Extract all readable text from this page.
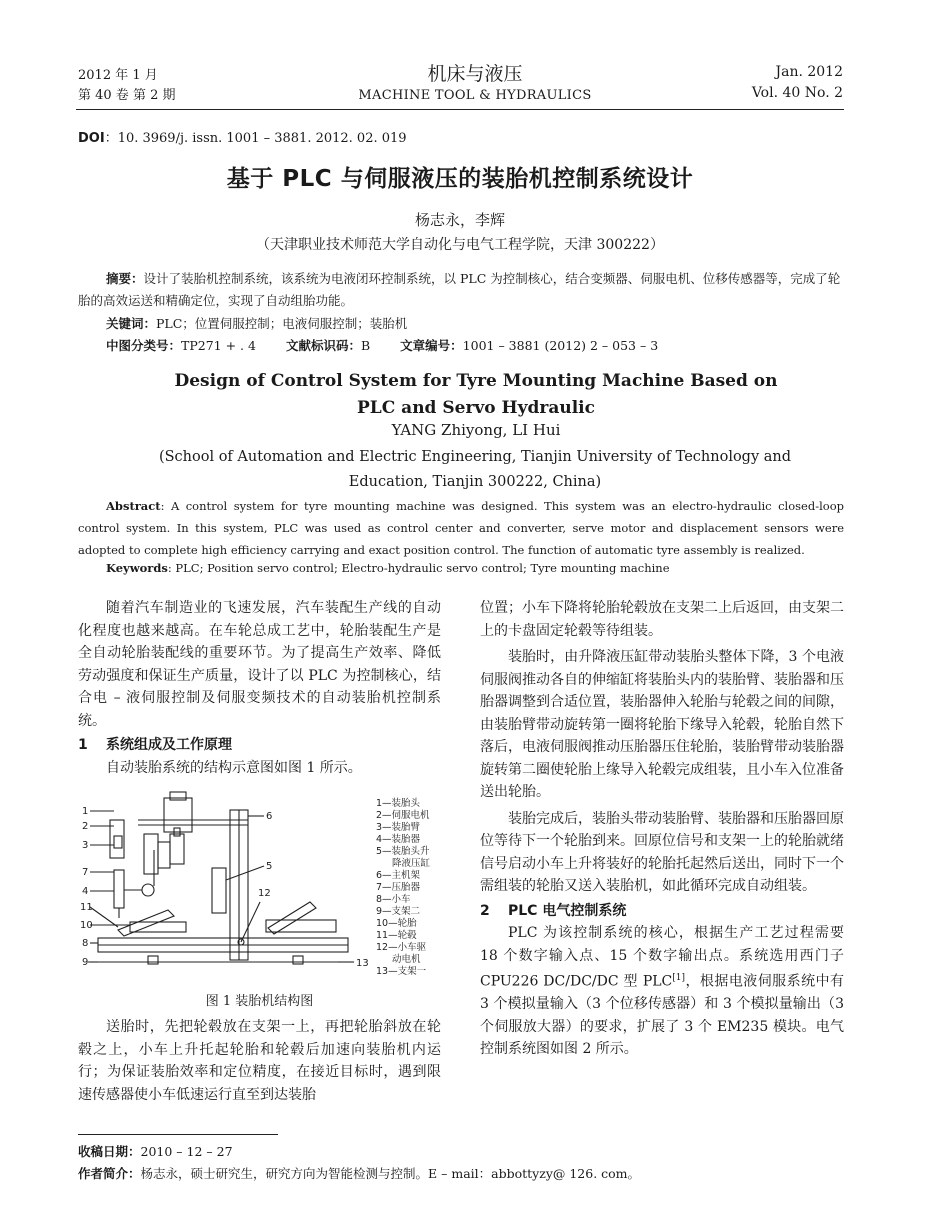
2012 年 1 月
第 40 卷 第 2 期
机床与液压
MACHINE TOOL & HYDRAULICS
Jan. 2012
Vol. 40 No. 2
DOI：10. 3969/j. issn. 1001 – 3881. 2012. 02. 019
基于 PLC 与伺服液压的装胎机控制系统设计
杨志永，李辉
（天津职业技术师范大学自动化与电气工程学院，天津 300222）
摘要：设计了装胎机控制系统，该系统为电液闭环控制系统，以 PLC 为控制核心，结合变频器、伺服电机、位移传感器等，完成了轮胎的高效运送和精确定位，实现了自动组胎功能。
关键词：PLC；位置伺服控制；电液伺服控制；装胎机
中图分类号：TP271 + . 4 文献标识码：B 文章编号：1001 – 3881 (2012) 2 – 053 – 3
Design of Control System for Tyre Mounting Machine Based on
PLC and Servo Hydraulic
YANG Zhiyong, LI Hui
(School of Automation and Electric Engineering, Tianjin University of Technology and Education, Tianjin 300222, China)
Abstract: A control system for tyre mounting machine was designed. This system was an electro-hydraulic closed-loop control system. In this system, PLC was used as control center and converter, serve motor and displacement sensors were adopted to complete high efficiency carrying and exact position control. The function of automatic tyre assembly is realized.
Keywords: PLC; Position servo control; Electro-hydraulic servo control; Tyre mounting machine

随着汽车制造业的飞速发展，汽车装配生产线的自动化程度也越来越高。在车轮总成工艺中，轮胎装配生产是全自动轮胎装配线的重要环节。为了提高生产效率、降低劳动强度和保证生产质量，设计了以 PLC 为控制核心，结合电 – 液伺服控制及伺服变频技术的自动装胎机控制系统。

1 系统组成及工作原理

自动装胎系统的结构示意图如图 1 所示。

1
2
3
7
4
11
10
8
9
6
5
12
13
1—装胎头
2—伺服电机
3—装胎臂
4—装胎器
5—装胎头升
降液压缸
6—主机架
7—压胎器
8—小车
9—支架二
10—轮胎
11—轮毂
12—小车驱
动电机
13—支架一
图 1 装胎机结构图

送胎时，先把轮毂放在支架一上，再把轮胎斜放在轮毂之上，小车上升托起轮胎和轮毂后加速向装胎机内运行；为保证装胎效率和定位精度，在接近目标时，遇到限速传感器使小车低速运行直至到达装胎

位置；小车下降将轮胎轮毂放在支架二上后返回，由支架二上的卡盘固定轮毂等待组装。

装胎时，由升降液压缸带动装胎头整体下降，3 个电液伺服阀推动各自的伸缩缸将装胎头内的装胎臂、装胎器和压胎器调整到合适位置，装胎器伸入轮胎与轮毂之间的间隙，由装胎臂带动旋转第一圈将轮胎下缘导入轮毂，轮胎自然下落后，电液伺服阀推动压胎器压住轮胎，装胎臂带动装胎器旋转第二圈使轮胎上缘导入轮毂完成组装，且小车入位准备送出轮胎。

装胎完成后，装胎头带动装胎臂、装胎器和压胎器回原位等待下一个轮胎到来。回原位信号和支架一上的轮胎就绪信号启动小车上升将装好的轮胎托起然后送出，同时下一个需组装的轮胎又送入装胎机，如此循环完成自动组装。

2 PLC 电气控制系统

PLC 为该控制系统的核心，根据生产工艺过程需要 18 个数字输入点、15 个数字输出点。系统选用西门子 CPU226 DC/DC/DC 型 PLC[1]，根据电液伺服系统中有 3 个模拟量输入（3 个位移传感器）和 3 个模拟量输出（3 个伺服放大器）的要求，扩展了 3 个 EM235 模块。电气控制系统图如图 2 所示。

收稿日期：2010 – 12 – 27
作者简介：杨志永，硕士研究生，研究方向为智能检测与控制。E – mail：abbottyzy@ 126. com。
